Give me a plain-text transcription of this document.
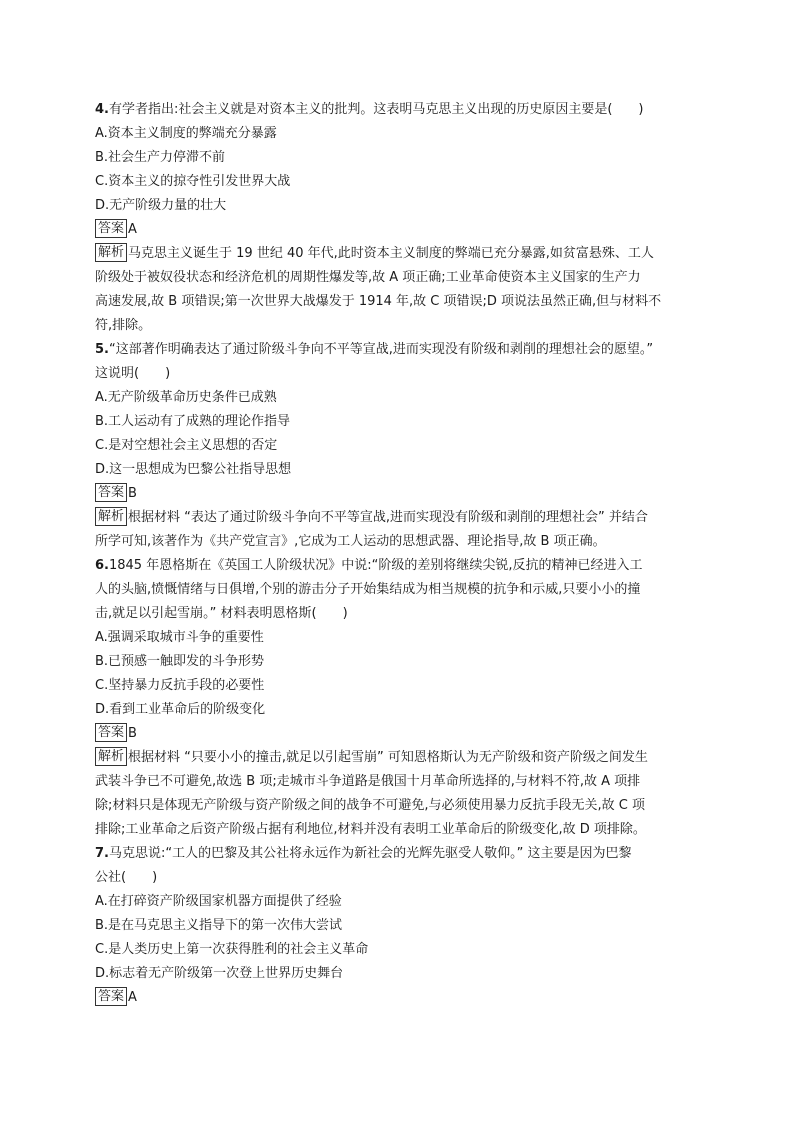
4.有学者指出:社会主义就是对资本主义的批判。这表明马克思主义出现的历史原因主要是(　　)
A.资本主义制度的弊端充分暴露
B.社会生产力停滞不前
C.资本主义的掠夺性引发世界大战
D.无产阶级力量的壮大
答案 A
解析 马克思主义诞生于 19 世纪 40 年代,此时资本主义制度的弊端已充分暴露,如贫富悬殊、工人
阶级处于被奴役状态和经济危机的周期性爆发等,故 A 项正确;工业革命使资本主义国家的生产力
高速发展,故 B 项错误;第一次世界大战爆发于 1914 年,故 C 项错误;D 项说法虽然正确,但与材料不
符,排除。
5.“这部著作明确表达了通过阶级斗争向不平等宣战,进而实现没有阶级和剥削的理想社会的愿望。”
这说明(　　)
A.无产阶级革命历史条件已成熟
B.工人运动有了成熟的理论作指导
C.是对空想社会主义思想的否定
D.这一思想成为巴黎公社指导思想
答案 B
解析 根据材料 “表达了通过阶级斗争向不平等宣战,进而实现没有阶级和剥削的理想社会” 并结合
所学可知,该著作为《共产党宣言》,它成为工人运动的思想武器、理论指导,故 B 项正确。
6.1845 年恩格斯在《英国工人阶级状况》中说:“阶级的差别将继续尖锐,反抗的精神已经进入工
人的头脑,愤慨情绪与日俱增,个别的游击分子开始集结成为相当规模的抗争和示威,只要小小的撞
击,就足以引起雪崩。” 材料表明恩格斯(　　)
A.强调采取城市斗争的重要性
B.已预感一触即发的斗争形势
C.坚持暴力反抗手段的必要性
D.看到工业革命后的阶级变化
答案 B
解析 根据材料 “只要小小的撞击,就足以引起雪崩” 可知恩格斯认为无产阶级和资产阶级之间发生
武装斗争已不可避免,故选 B 项;走城市斗争道路是俄国十月革命所选择的,与材料不符,故 A 项排
除;材料只是体现无产阶级与资产阶级之间的战争不可避免,与必须使用暴力反抗手段无关,故 C 项
排除;工业革命之后资产阶级占据有利地位,材料并没有表明工业革命后的阶级变化,故 D 项排除。
7.马克思说:“工人的巴黎及其公社将永远作为新社会的光辉先驱受人敬仰。” 这主要是因为巴黎
公社(　　)
A.在打碎资产阶级国家机器方面提供了经验
B.是在马克思主义指导下的第一次伟大尝试
C.是人类历史上第一次获得胜利的社会主义革命
D.标志着无产阶级第一次登上世界历史舞台
答案 A
